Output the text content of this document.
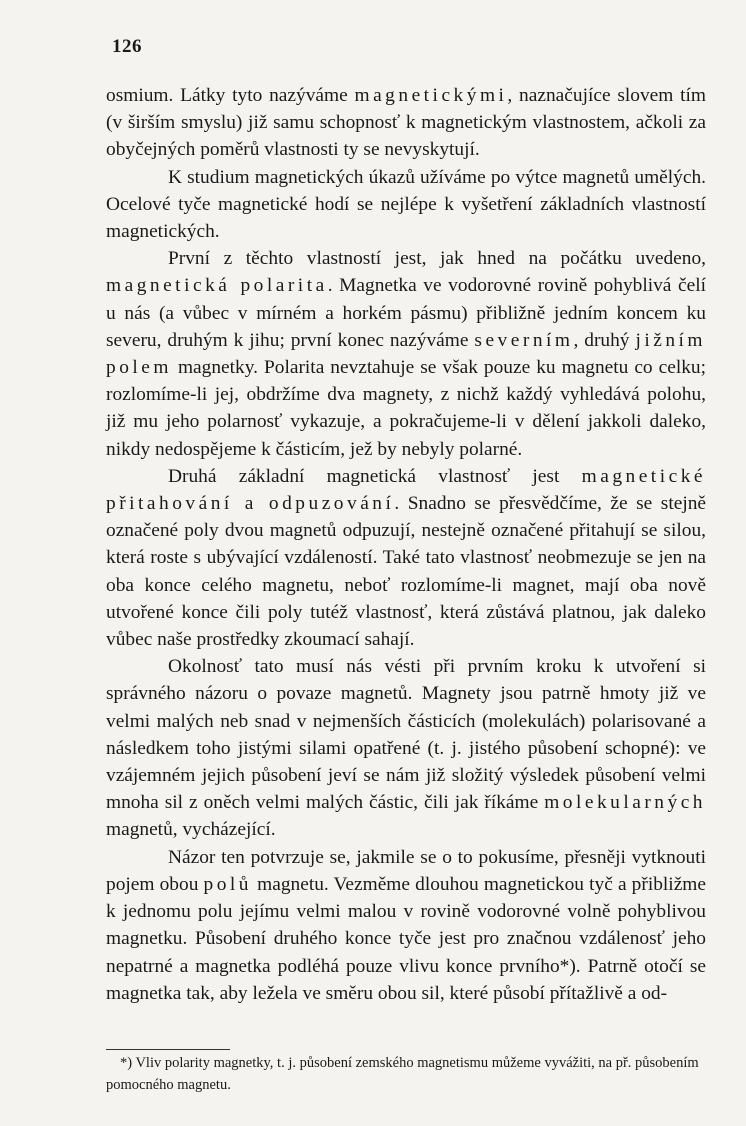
126

osmium. Látky tyto nazýváme magnetickými, naznačujíce slovem tím (v širším smyslu) již samu schopnosť k magnetickým vlastnostem, ačkoli za obyčejných poměrů vlastnosti ty se nevyskytují.

K studium magnetických úkazů užíváme po výtce magnetů umělých. Ocelové tyče magnetické hodí se nejlépe k vyšetření základních vlastností magnetických.

První z těchto vlastností jest, jak hned na počátku uvedeno, magnetická polarita. Magnetka ve vodorovné rovině pohyblivá čelí u nás (a vůbec v mírném a horkém pásmu) přibližně jedním koncem ku severu, druhým k jihu; první konec nazýváme severním, druhý jižním polem magnetky. Polarita nevztahuje se však pouze ku magnetu co celku; rozlomíme-li jej, obdržíme dva magnety, z nichž každý vyhledává polohu, již mu jeho polarnosť vykazuje, a pokračujeme-li v dělení jakkoli daleko, nikdy nedospějeme k částicím, jež by nebyly polarné.

Druhá základní magnetická vlastnosť jest magnetické přitahování a odpuzování. Snadno se přesvědčíme, že se stejně označené poly dvou magnetů odpuzují, nestejně označené přitahují se silou, která roste s ubývající vzdáleností. Také tato vlastnosť neobmezuje se jen na oba konce celého magnetu, neboť rozlomíme-li magnet, mají oba nově utvořené konce čili poly tutéž vlastnosť, která zůstává platnou, jak daleko vůbec naše prostředky zkoumací sahají.

Okolnosť tato musí nás vésti při prvním kroku k utvoření si správného názoru o povaze magnetů. Magnety jsou patrně hmoty již ve velmi malých neb snad v nejmenších částicích (molekulách) polarisované a následkem toho jistými silami opatřené (t. j. jistého působení schopné): ve vzájemném jejich působení jeví se nám již složitý výsledek působení velmi mnoha sil z oněch velmi malých částic, čili jak říkáme molekularných magnetů, vycházející.

Názor ten potvrzuje se, jakmile se o to pokusíme, přesněji vytknouti pojem obou polů magnetu. Vezměme dlouhou magnetickou tyč a přibližme k jednomu polu jejímu velmi malou v rovině vodorovné volně pohyblivou magnetku. Působení druhého konce tyče jest pro značnou vzdálenosť jeho nepatrné a magnetka podléhá pouze vlivu konce prvního*). Patrně otočí se magnetka tak, aby ležela ve směru obou sil, které působí přítažlivě a od-

*) Vliv polarity magnetky, t. j. působení zemského magnetismu můžeme vyvážiti, na př. působením pomocného magnetu.
